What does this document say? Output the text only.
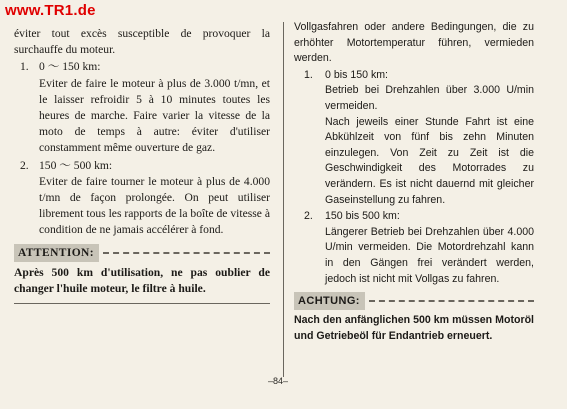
www.TR1.de

éviter tout excès susceptible de provoquer la surchauffe du moteur.

1. 0 ～ 150 km:

Eviter de faire le moteur à plus de 3.000 t/mn, et le laisser refroidir 5 à 10 minutes toutes les heures de marche. Faire varier la vitesse de la moto de temps à autre: éviter d'utiliser constamment même ouverture de gaz.

2. 150 ～ 500 km:

Eviter de faire tourner le moteur à plus de 4.000 t/mn de façon prolongée. On peut utiliser librement tous les rapports de la boîte de vitesse à condition de ne jamais accélérer à fond.

ATTENTION:

Après 500 km d'utilisation, ne pas oublier de changer l'huile moteur, le filtre à huile.

Vollgasfahren oder andere Bedingungen, die zu erhöhter Motortemperatur führen, vermieden werden.

1.	0 bis 150 km:

Betrieb bei Drehzahlen über 3.000 U/min vermeiden.

Nach jeweils einer Stunde Fahrt ist eine Abkühlzeit von fünf bis zehn Minuten einzulegen. Von Zeit zu Zeit ist die Geschwindigkeit des Motorrades zu verändern. Es ist nicht dauernd mit gleicher Gaseinstellung zu fahren.

2.	150 bis 500 km:

Längerer Betrieb bei Drehzahlen über 4.000 U/min vermeiden. Die Motordrehzahl kann in den Gängen frei verändert werden, jedoch ist nicht mit Vollgas zu fahren.

ACHTUNG:

Nach den anfänglichen 500 km müssen Motoröl und Getriebeöl für Endantrieb erneuert.

–84–
